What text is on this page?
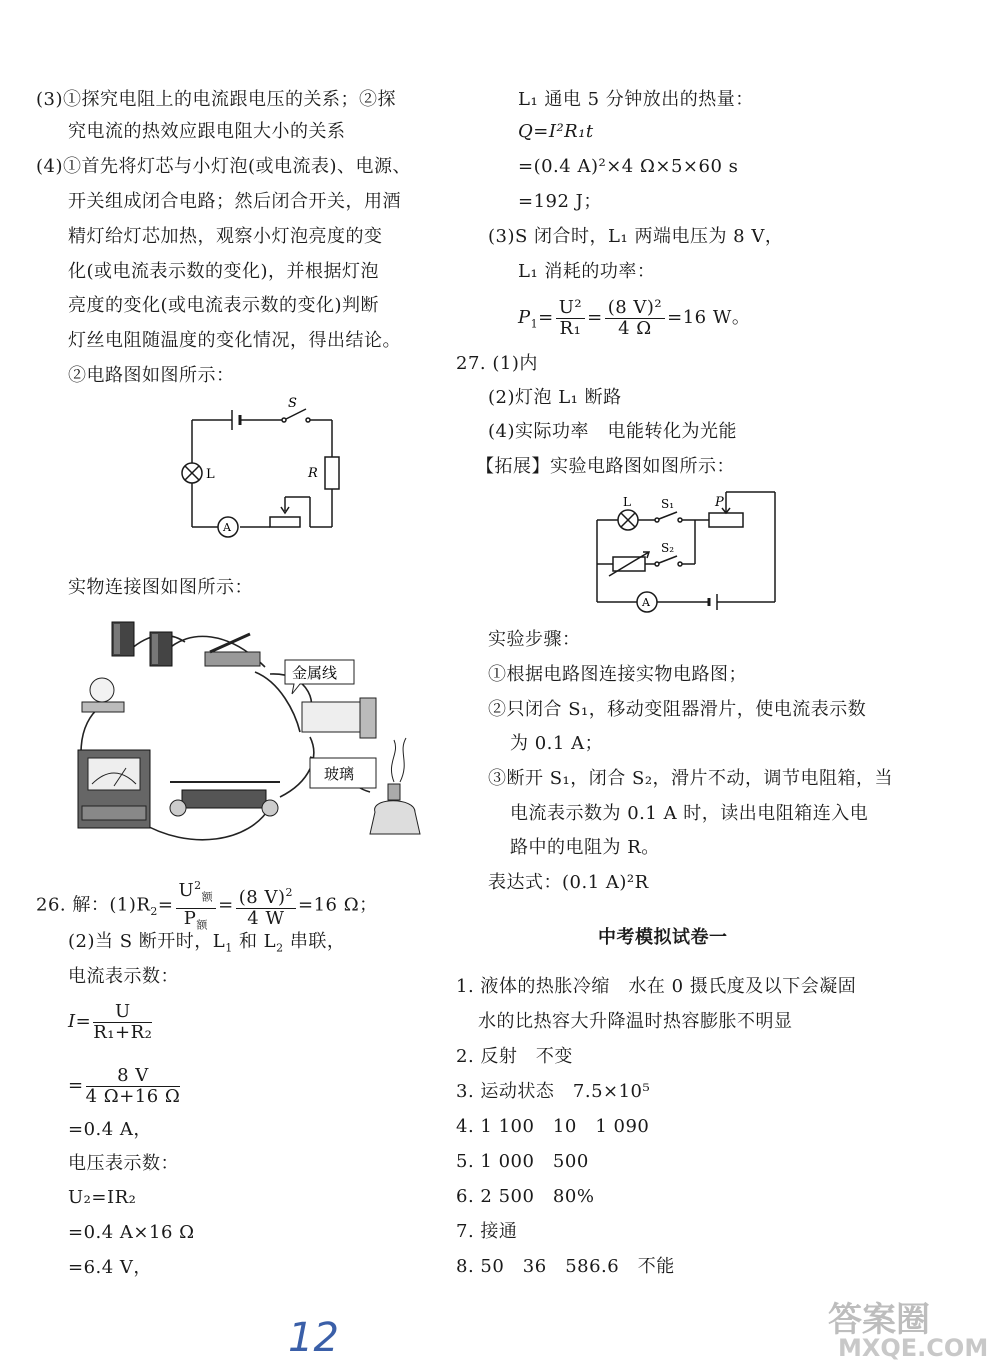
(3)①探究电阻上的电流跟电压的关系；②探
究电流的热效应跟电阻大小的关系
(4)①首先将灯芯与小灯泡(或电流表)、电源、
开关组成闭合电路；然后闭合开关，用酒
精灯给灯芯加热，观察小灯泡亮度的变
化(或电流表示数的变化)，并根据灯泡
亮度的变化(或电流表示数的变化)判断
灯丝电阻随温度的变化情况，得出结论。
②电路图如图所示：
S
L	R
A
实物连接图如图所示：
金属线
玻璃
26. 解：$(1)R_2= \frac{U^2_额}{P_额} = \frac{(8 V)^2}{4 W} =16$ Ω；
(2)当 S 断开时，$L_1$ 和 $L_2$ 串联，
电流表示数：
$I= \frac{U}{\text{R₁+R₂}}$
= $\frac{8 V}{4 \Omega+16 \Omega}$
=0.4 A，
电压表示数：
U₂=IR₂
=0.4 A×16 Ω
=6.4 V，
L₁ 通电 5 分钟放出的热量：
Q=I²R₁t
=(0.4 A)²×4 Ω×5×60 s
=192 J；
(3)S 闭合时，L₁ 两端电压为 8 V，
L₁ 消耗的功率：
$P_1= \frac{\text{U²}}{\text{R₁}} = \frac{\text{(8 V)²}}{4 \Omega} =16$ W。
27. (1)内
(2)灯泡 L₁ 断路
(4)实际功率　电能转化为光能
【拓展】实验电路图如图所示：
L	S₁
S₂
P
A
实验步骤：
①根据电路图连接实物电路图；
②只闭合 S₁，移动变阻器滑片，使电流表示数
为 0.1 A；
③断开 S₁，闭合 S₂，滑片不动，调节电阻箱，当
电流表示数为 0.1 A 时，读出电阻箱连入电
路中的电阻为 R。
表达式：(0.1 A)²R
中考模拟试卷一
1. 液体的热胀冷缩　水在 0 摄氏度及以下会凝固
水的比热容大升降温时热容膨胀不明显
2. 反射　不变
3. 运动状态　7.5×10⁵
4. 1 100　10　1 090
5. 1 000　500
6. 2 500　80%
7. 接通
8. 50　36　586.6　不能
12	答案圈
MXQE.COM
